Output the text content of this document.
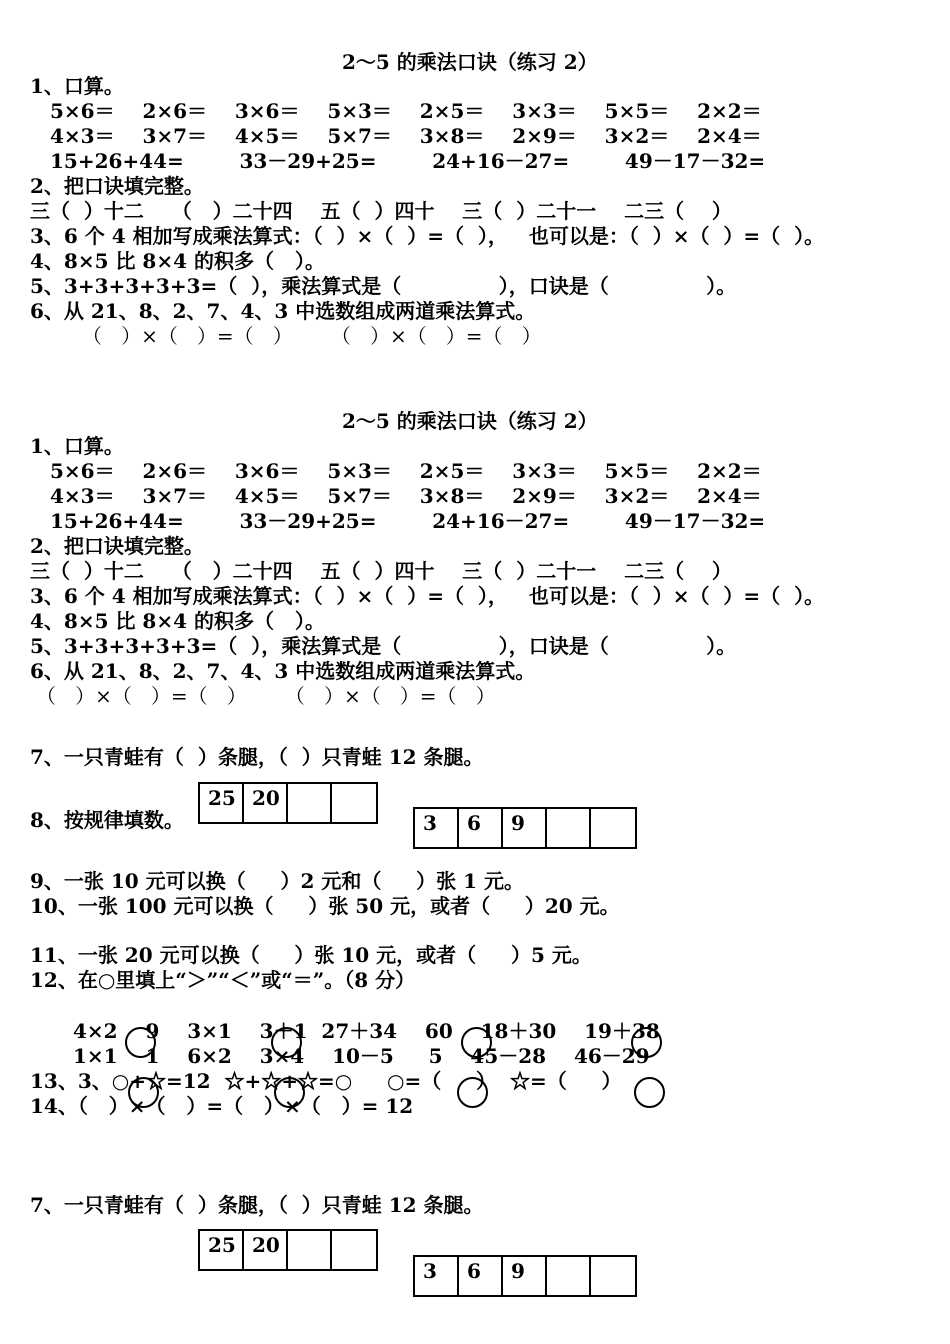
2～5 的乘法口诀（练习 2）
1、口算。
5×6＝    2×6＝    3×6＝    5×3＝    2×5＝    3×3＝    5×5＝    2×2＝
4×3＝    3×7＝    4×5＝    5×7＝    3×8＝    2×9＝    3×2＝    2×4＝
15+26+44=        33－29+25=        24+16－27=        49－17－32=
2、把口诀填完整。
三（  ）十二    （   ）二十四    五（  ）四十    三（  ）二十一    二三（    ）
3、6 个 4 相加写成乘法算式：（  ）×（  ）=（  ），   也可以是：（  ）×（  ）=（  ）。
4、8×5 比 8×4 的积多（   ）。
5、3+3+3+3+3=（  ），乘法算式是（              ），口诀是（              ）。
6、从 21、8、2、7、4、3 中选数组成两道乘法算式。
（   ）×（   ）=（   ）      （   ）×（   ）=（   ）
2～5 的乘法口诀（练习 2）
1、口算。
5×6＝    2×6＝    3×6＝    5×3＝    2×5＝    3×3＝    5×5＝    2×2＝
4×3＝    3×7＝    4×5＝    5×7＝    3×8＝    2×9＝    3×2＝    2×4＝
15+26+44=        33－29+25=        24+16－27=        49－17－32=
2、把口诀填完整。
三（  ）十二    （   ）二十四    五（  ）四十    三（  ）二十一    二三（    ）
3、6 个 4 相加写成乘法算式：（  ）×（  ）=（  ），   也可以是：（  ）×（  ）=（  ）。
4、8×5 比 8×4 的积多（   ）。
5、3+3+3+3+3=（  ），乘法算式是（              ），口诀是（              ）。
6、从 21、8、2、7、4、3 中选数组成两道乘法算式。
（   ）×（   ）=（   ）      （   ）×（   ）=（   ）
7、一只青蛙有（  ）条腿，（  ）只青蛙 12 条腿。
8、按规律填数。
25 20
3	6	9
9、一张 10 元可以换（     ）2 元和（     ）张 1 元。
10、一张 100 元可以换（     ）张 50 元，或者（     ）20 元。
11、一张 20 元可以换（     ）张 10 元，或者（     ）5 元。
12、在○里填上“＞”“＜”或“＝”。（8 分）
4×2    9    3×1    3＋1  27＋34    60    18＋30    19＋38
1×1    1    6×2    3×4    10－5     5    45－28    46－29
13、3、○+☆=12  ☆+☆+☆=○     ○=（     ）  ☆=（     ）
14、（   ）×（   ）=（   ）×（   ）= 12
7、一只青蛙有（  ）条腿，（  ）只青蛙 12 条腿。
25 20
3	6	9
